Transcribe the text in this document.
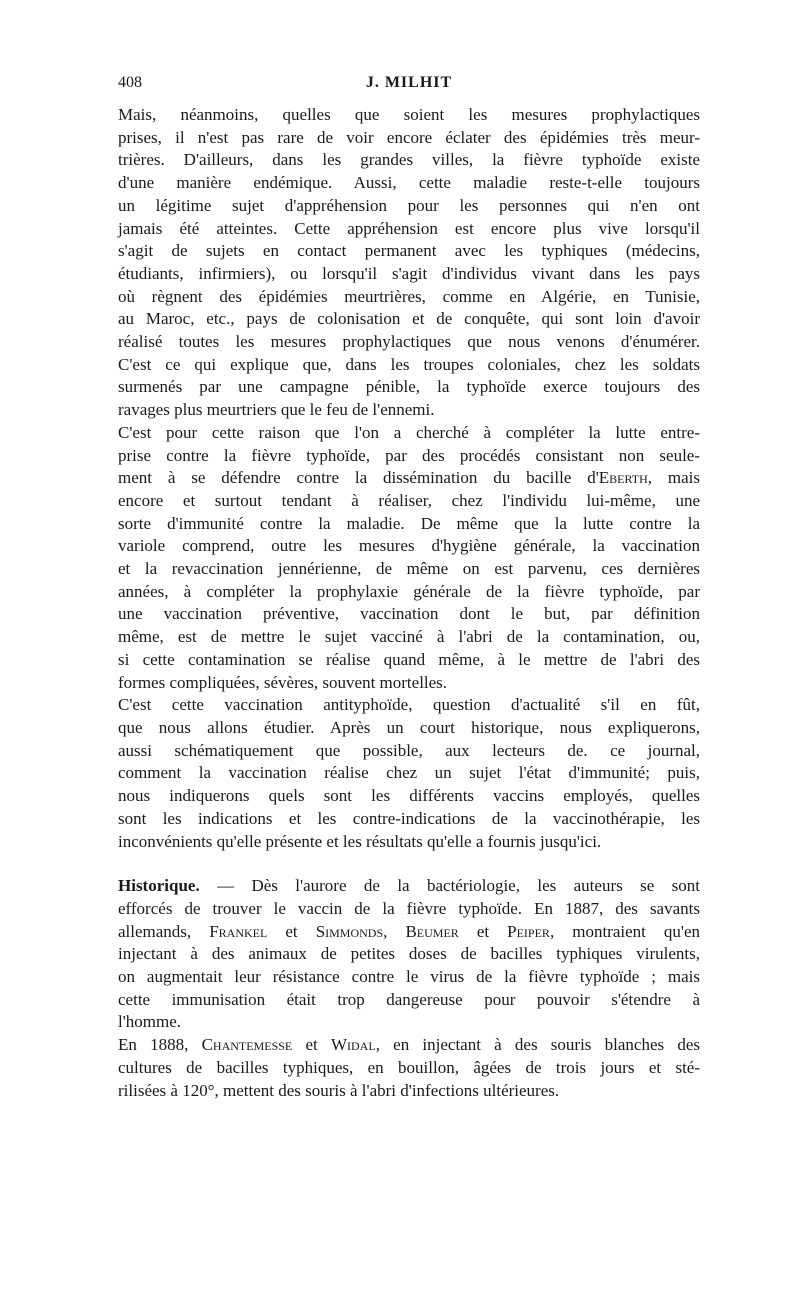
408	J. MILHIT

Mais, néanmoins, quelles que soient les mesures prophylactiques
prises, il n'est pas rare de voir encore éclater des épidémies très meur-
trières. D'ailleurs, dans les grandes villes, la fièvre typhoïde existe
d'une manière endémique. Aussi, cette maladie reste-t-elle toujours
un légitime sujet d'appréhension pour les personnes qui n'en ont
jamais été atteintes. Cette appréhension est encore plus vive lorsqu'il
s'agit de sujets en contact permanent avec les typhiques (médecins,
étudiants, infirmiers), ou lorsqu'il s'agit d'individus vivant dans les pays
où règnent des épidémies meurtrières, comme en Algérie, en Tunisie,
au Maroc, etc., pays de colonisation et de conquête, qui sont loin d'avoir
réalisé toutes les mesures prophylactiques que nous venons d'énumérer.
C'est ce qui explique que, dans les troupes coloniales, chez les soldats
surmenés par une campagne pénible, la typhoïde exerce toujours des
ravages plus meurtriers que le feu de l'ennemi.

C'est pour cette raison que l'on a cherché à compléter la lutte entre-
prise contre la fièvre typhoïde, par des procédés consistant non seule-
ment à se défendre contre la dissémination du bacille d'Eberth, mais
encore et surtout tendant à réaliser, chez l'individu lui-même, une
sorte d'immunité contre la maladie. De même que la lutte contre la
variole comprend, outre les mesures d'hygiène générale, la vaccination
et la revaccination jennérienne, de même on est parvenu, ces dernières
années, à compléter la prophylaxie générale de la fièvre typhoïde, par
une vaccination préventive, vaccination dont le but, par définition
même, est de mettre le sujet vacciné à l'abri de la contamination, ou,
si cette contamination se réalise quand même, à le mettre de l'abri des
formes compliquées, sévères, souvent mortelles.

C'est cette vaccination antityphoïde, question d'actualité s'il en fût,
que nous allons étudier. Après un court historique, nous expliquerons,
aussi schématiquement que possible, aux lecteurs de. ce journal,
comment la vaccination réalise chez un sujet l'état d'immunité; puis,
nous indiquerons quels sont les différents vaccins employés, quelles
sont les indications et les contre-indications de la vaccinothérapie, les
inconvénients qu'elle présente et les résultats qu'elle a fournis jusqu'ici.

Historique. — Dès l'aurore de la bactériologie, les auteurs se sont
efforcés de trouver le vaccin de la fièvre typhoïde. En 1887, des savants
allemands, Frankel et Simmonds, Beumer et Peiper, montraient qu'en
injectant à des animaux de petites doses de bacilles typhiques virulents,
on augmentait leur résistance contre le virus de la fièvre typhoïde ; mais
cette immunisation était trop dangereuse pour pouvoir s'étendre à
l'homme.

En 1888, Chantemesse et Widal, en injectant à des souris blanches des
cultures de bacilles typhiques, en bouillon, âgées de trois jours et sté-
rilisées à 120°, mettent des souris à l'abri d'infections ultérieures.
